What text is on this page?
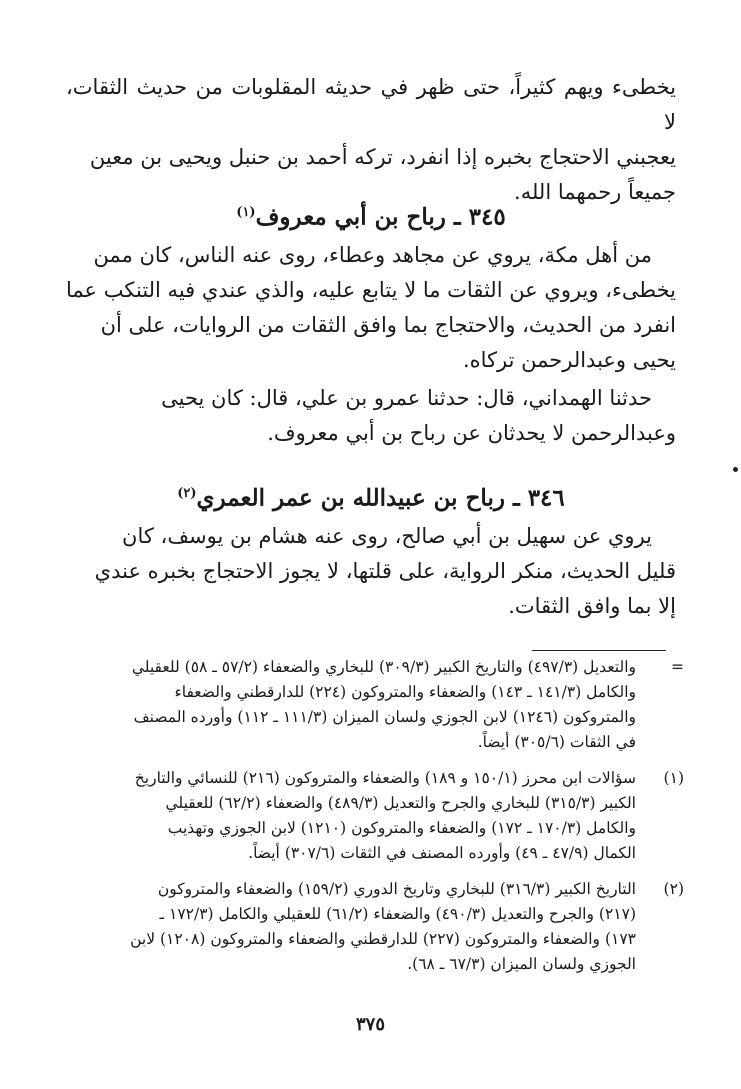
يخطىء ويهم كثيراً، حتى ظهر في حديثه المقلوبات من حديث الثقات، لا
يعجبني الاحتجاج بخبره إذا انفرد، تركه أحمد بن حنبل ويحيى بن معين
جميعاً رحمهما الله.
٣٤٥ ـ رباح بن أبي معروف$^{(١)}$
من أهل مكة، يروي عن مجاهد وعطاء، روى عنه الناس، كان ممن
يخطىء، ويروي عن الثقات ما لا يتابع عليه، والذي عندي فيه التنكب عما
انفرد من الحديث، والاحتجاج بما وافق الثقات من الروايات، على أن
يحيى وعبدالرحمن تركاه.
حدثنا الهمداني، قال: حدثنا عمرو بن علي، قال: كان يحيى
وعبدالرحمن لا يحدثان عن رباح بن أبي معروف.
٣٤٦ ـ رباح بن عبيدالله بن عمر العمري$^{(٢)}$
يروي عن سهيل بن أبي صالح، روى عنه هشام بن يوسف، كان
قليل الحديث، منكر الرواية، على قلتها، لا يجوز الاحتجاج بخبره عندي
إلا بما وافق الثقات.
=
والتعديل (٤٩٧/٣) والتاريخ الكبير (٣٠٩/٣) للبخاري والضعفاء (٥٧/٢ ـ ٥٨) للعقيلي
والكامل (١٤١/٣ ـ ١٤٣) والضعفاء والمتروكون (٢٢٤) للدارقطني والضعفاء
والمتروكون (١٢٤٦) لابن الجوزي ولسان الميزان (١١١/٣ ـ ١١٢) وأورده المصنف
في الثقات (٣٠٥/٦) أيضاً.
(١)
سؤالات ابن محرز (١٥٠/١ و ١٨٩) والضعفاء والمتروكون (٢١٦) للنسائي والتاريخ
الكبير (٣١٥/٣) للبخاري والجرح والتعديل (٤٨٩/٣) والضعفاء (٦٢/٢) للعقيلي
والكامل (١٧٠/٣ ـ ١٧٢) والضعفاء والمتروكون (١٢١٠) لابن الجوزي وتهذيب
الكمال (٤٧/٩ ـ ٤٩) وأورده المصنف في الثقات (٣٠٧/٦) أيضاً.
(٢)
التاريخ الكبير (٣١٦/٣) للبخاري وتاريخ الدوري (١٥٩/٢) والضعفاء والمتروكون
(٢١٧) والجرح والتعديل (٤٩٠/٣) والضعفاء (٦١/٢) للعقيلي والكامل (١٧٢/٣ ـ
١٧٣) والضعفاء والمتروكون (٢٢٧) للدارقطني والضعفاء والمتروكون (١٢٠٨) لابن
الجوزي ولسان الميزان (٦٧/٣ ـ ٦٨).
٣٧٥
